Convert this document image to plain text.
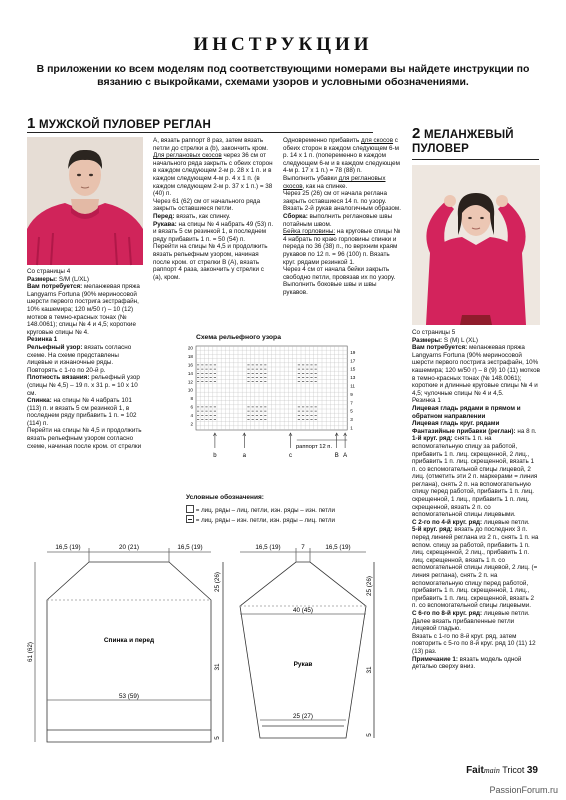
ИНСТРУКЦИИ
В приложении ко всем моделям под соответствующими номерами вы найдете инструкции по вязанию с выкройками, схемами узоров и условными обозначениями.
1 МУЖСКОЙ ПУЛОВЕР РЕГЛАН

Со страницы 4

Размеры: S/M (L/XL)

Вам потребуется: меланжевая пряжа Langyarns Fortuna (90% мериносовой шерсти первого пострига экстрафайн, 10% кашемира; 120 м/50 г) – 10 (12) мотков в темно-красных тонах (№ 148.0061); спицы № 4 и 4,5; короткие круговые спицы № 4.

Резинка 1

Рельефный узор: вязать согласно схеме. На схеме представлены лицевые и изнаночные ряды. Повторять с 1-го по 20-й р.

Плотность вязания: рельефный узор (спицы № 4,5) – 19 п. x 31 р. = 10 x 10 см.

Спинка: на спицы № 4 набрать 101 (113) п. и вязать 5 см резинкой 1, в последнем ряду прибавить 1 п. = 102 (114) п.

Перейти на спицы № 4,5 и продолжить вязать рельефным узором согласно схеме, начиная после кром. от стрелки

А, вязать раппорт 8 раз, затем вязать петли до стрелки а (b), закончить кром.

Для реглановых скосов через 36 см от начального ряда закрыть с обеих сторон в каждом следующем 2-м р. 28 x 1 п. и в каждом следующем 4-м р. 4 x 1 п. (в каждом следующем 2-м р. 37 x 1 п.) = 38 (40) п.

Через 61 (62) см от начального ряда закрыть оставшиеся петли.

Перед: вязать, как спинку.

Рукава: на спицы № 4 набрать 49 (53) п. и вязать 5 см резинкой 1, в последнем ряду прибавить 1 п. = 50 (54) п.

Перейти на спицы № 4,5 и продолжить вязать рельефным узором, начиная после кром. от стрелки В (А), вязать раппорт 4 раза, закончить у стрелки с (а), кром.

Одновременно прибавить для скосов с обеих сторон в каждом следующем 6-м р. 14 x 1 п. (попеременно в каждом следующем 6-м и в каждом следующем 4-м р. 17 x 1 п.) = 78 (88) п.

Выполнить убавки для реглановых скосов, как на спинке.

Через 25 (26) см от начала реглана закрыть оставшиеся 14 п. по узору. Вязать 2-й рукав аналогичным образом.

Сборка: выполнить реглановые швы потайным швом.

Бейка горловины: на круговые спицы № 4 набрать по краю горловины спинки и переда по 36 (38) п., по верхним краям рукавов по 12 п. = 96 (100) п. Вязать круг. рядами резинкой 1.

Через 4 см от начала бейки закрыть свободно петли, провязав их по узору. Выполнить боковые швы и швы рукавов.

2 МЕЛАНЖЕВЫЙ
ПУЛОВЕР

Со страницы 5

Размеры: S (M) L (XL)

Вам потребуется: меланжевая пряжа Langyarns Fortuna (90% мериносовой шерсти первого пострига экстрафайн, 10% кашемира; 120 м/50 г) – 8 (9) 10 (11) мотков в темно-красных тонах (№ 148.0061); короткие и длинные круговые спицы № 4 и 4,5; чулочные спицы № 4 и 4,5.

Резинка 1

Лицевая гладь рядами в прямом и обратном направлении

Лицевая гладь круг. рядами

Фантазийные прибавки (реглан): на 8 п.

1-й круг. ряд: снять 1 п. на вспомогательную спицу за работой, прибавить 1 п. лиц. скрещенной, 2 лиц., прибавить 1 п. лиц. скрещенной, вязать 1 п. со вспомогательной спицы лицевой, 2 лиц. (отметить эти 2 п. маркерами = линия реглана), снять 2 п. на вспомогательную спицу перед работой, прибавить 1 п. лиц. скрещенной, 1 лиц., прибавить 1 п. лиц. скрещенной, вязать 2 п. со вспомогательной спицы лицевыми.

С 2-го по 4-й круг. ряд: лицевые петли.

5-й круг. ряд: вязать до последних 3 п. перед линией реглана из 2 п., снять 1 п. на вспом. спицу за работой, прибавить 1 п. лиц. скрещенной, 2 лиц., прибавить 1 п. лиц. скрещенной, вязать 1 п. со вспомогательной спицы лицевой, 2 лиц. (= линия реглана), снять 2 п. на вспомогательную спицу перед работой, прибавить 1 п. лиц. скрещенной, 1 лиц., прибавить 1 п. лиц. скрещенной, вязать 2 п. со вспомогательной спицы лицевыми.

С 6-го по 8-й круг. ряд: лицевые петли.

Далее вязать прибавленные петли лицевой гладью.

Вязать с 1-го по 8-й круг. ряд, затем повторить с 5-го по 8-й круг. ряд 10 (11) 12 (13) раз.

Примечание 1: вязать модель одной деталью сверху вниз.

Схема рельефного узора
20
18
16
14
12
10
8
6
4
2
19
17
15
13
11
9
7
5
3
1
b	a	c	B A
раппорт 12 п.
Условные обозначения:
= лиц. ряды – лиц. петли, изн. ряды – изн. петли
= лиц. ряды – изн. петли, изн. ряды – лиц. петли
16,5 (19)	20 (21)	16,5 (19)
Спинка и перед
53 (59)
61 (62)
25 (26)
31
5
16,5 (19)	7	16,5 (19)
40 (45)
Рукав
25 (27)
25 (26)
31
5
Faitmain Tricot 39
PassionForum.ru
